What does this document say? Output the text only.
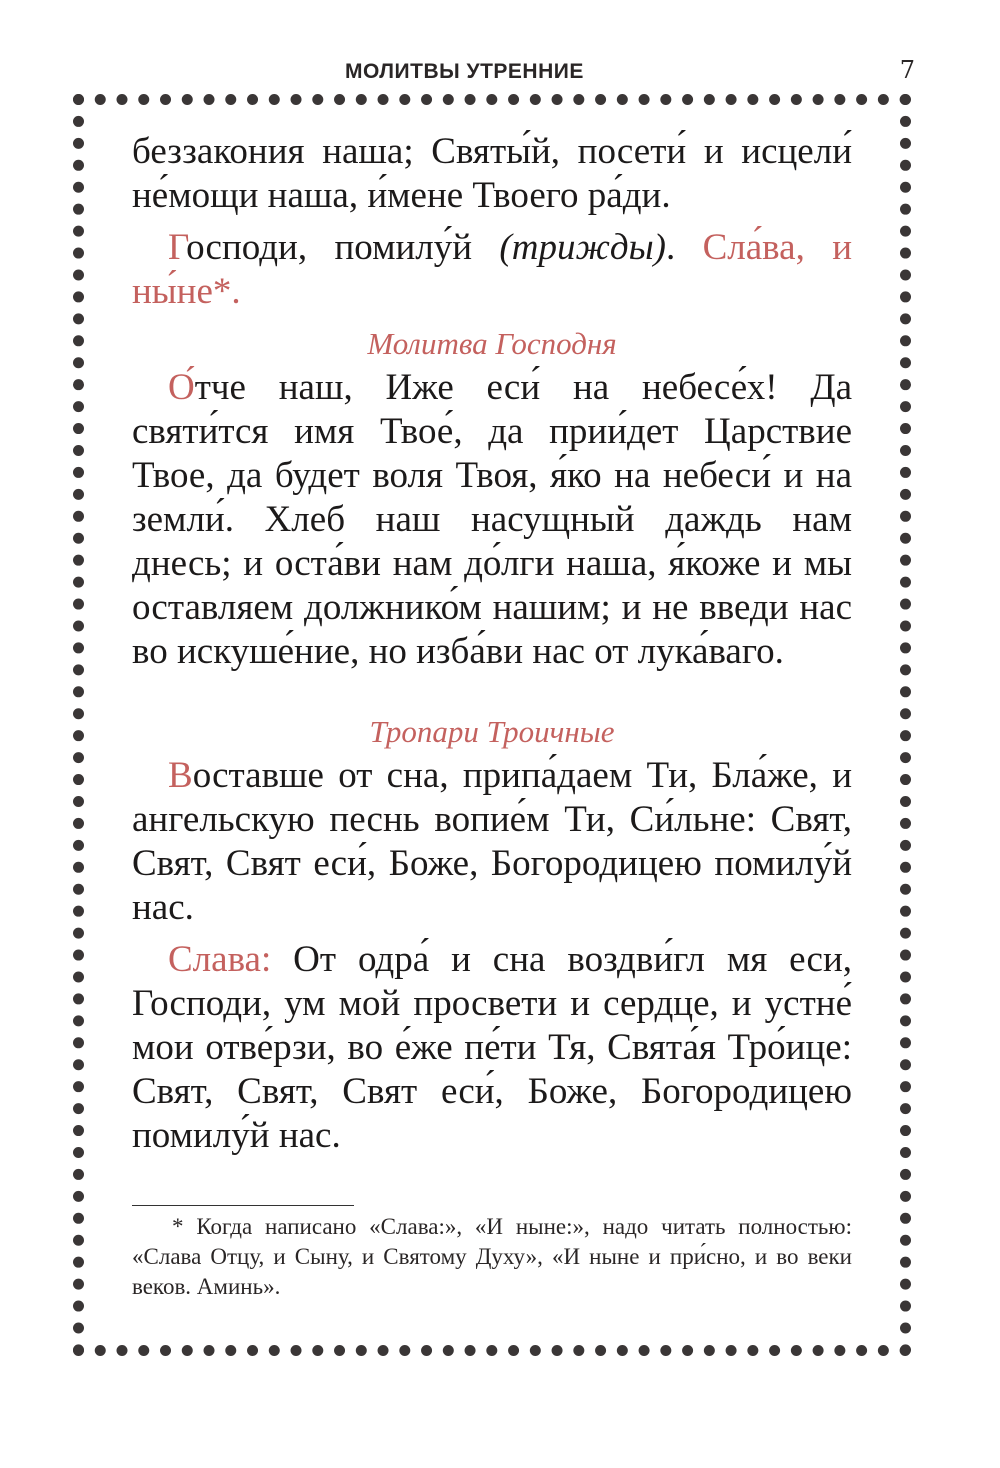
МОЛИТВЫ УТРЕННИЕ	7

беззакония наша; Святы́й, посети́ и исцели́ не́мощи наша, и́мене Твоего ра́ди.

Господи, помилу́й (трижды). Сла́ва, и ны́не*.

Молитва Господня

О́тче наш, Иже еси́ на небесе́х! Да святи́тся имя Твое́, да прии́дет Царствие Твое, да будет воля Твоя, я́ко на небеси́ и на земли́. Хлеб наш насущный даждь нам днесь; и оста́ви нам до́лги наша, я́коже и мы оставляем должнико́м нашим; и не введи нас во искуше́ние, но изба́ви нас от лука́ваго.

Тропари Троичные

Воставше от сна, припа́даем Ти, Бла́же, и ангельскую песнь вопие́м Ти, Си́льне: Свят, Свят, Свят еси́, Боже, Богородицею помилу́й нас.

Слава: От одра́ и сна воздви́гл мя еси, Господи, ум мой просвети и сердце, и устне́ мои отве́рзи, во е́же пе́ти Тя, Свята́я Тро́ице: Свят, Свят, Свят еси́, Боже, Богородицею помилу́й нас.

* Когда написано «Слава:», «И ныне:», надо читать полностью: «Слава Отцу, и Сыну, и Святому Духу», «И ныне и при́сно, и во веки веков. Аминь».
